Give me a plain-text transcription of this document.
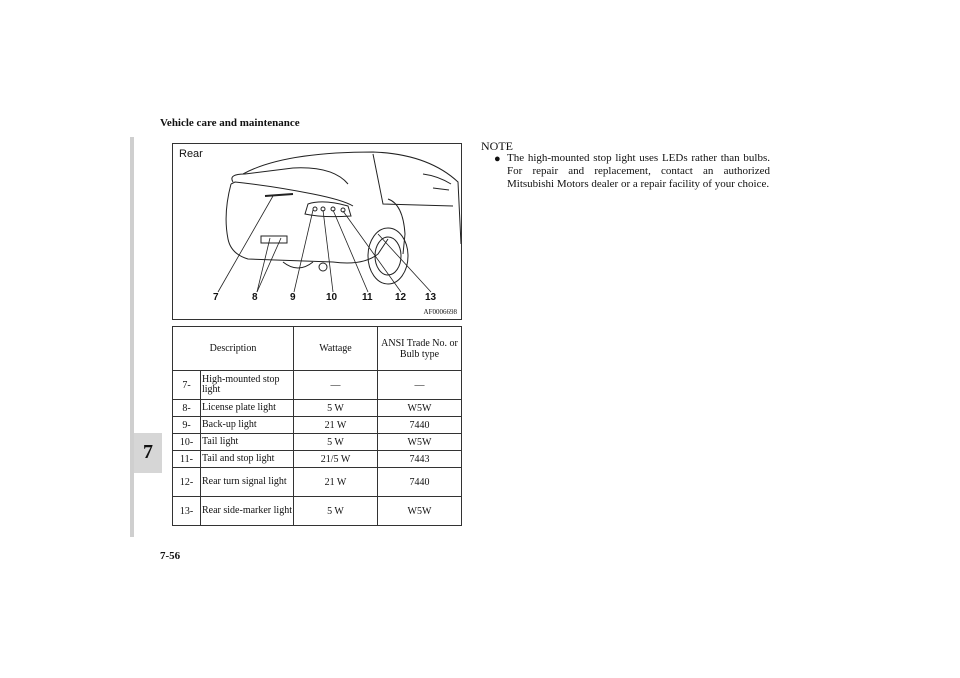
Vehicle care and maintenance
7
Rear
7	8	9	10 11 12 13
AF0006698
Description		Wattage	ANSI Trade No. or Bulb type
7-	High-mounted stop light	—	—
8-	License plate light	5 W	W5W
9-	Back-up light	21 W	7440
10-	Tail light	5 W	W5W
11-	Tail and stop light	21/5 W	7443
12-	Rear turn signal light	21 W	7440
13-	Rear side-marker light	5 W	W5W
NOTE
● The high-mounted stop light uses LEDs rather than bulbs. For repair and replacement, contact an authorized Mitsubishi Motors dealer or a repair facility of your choice.

7-56
